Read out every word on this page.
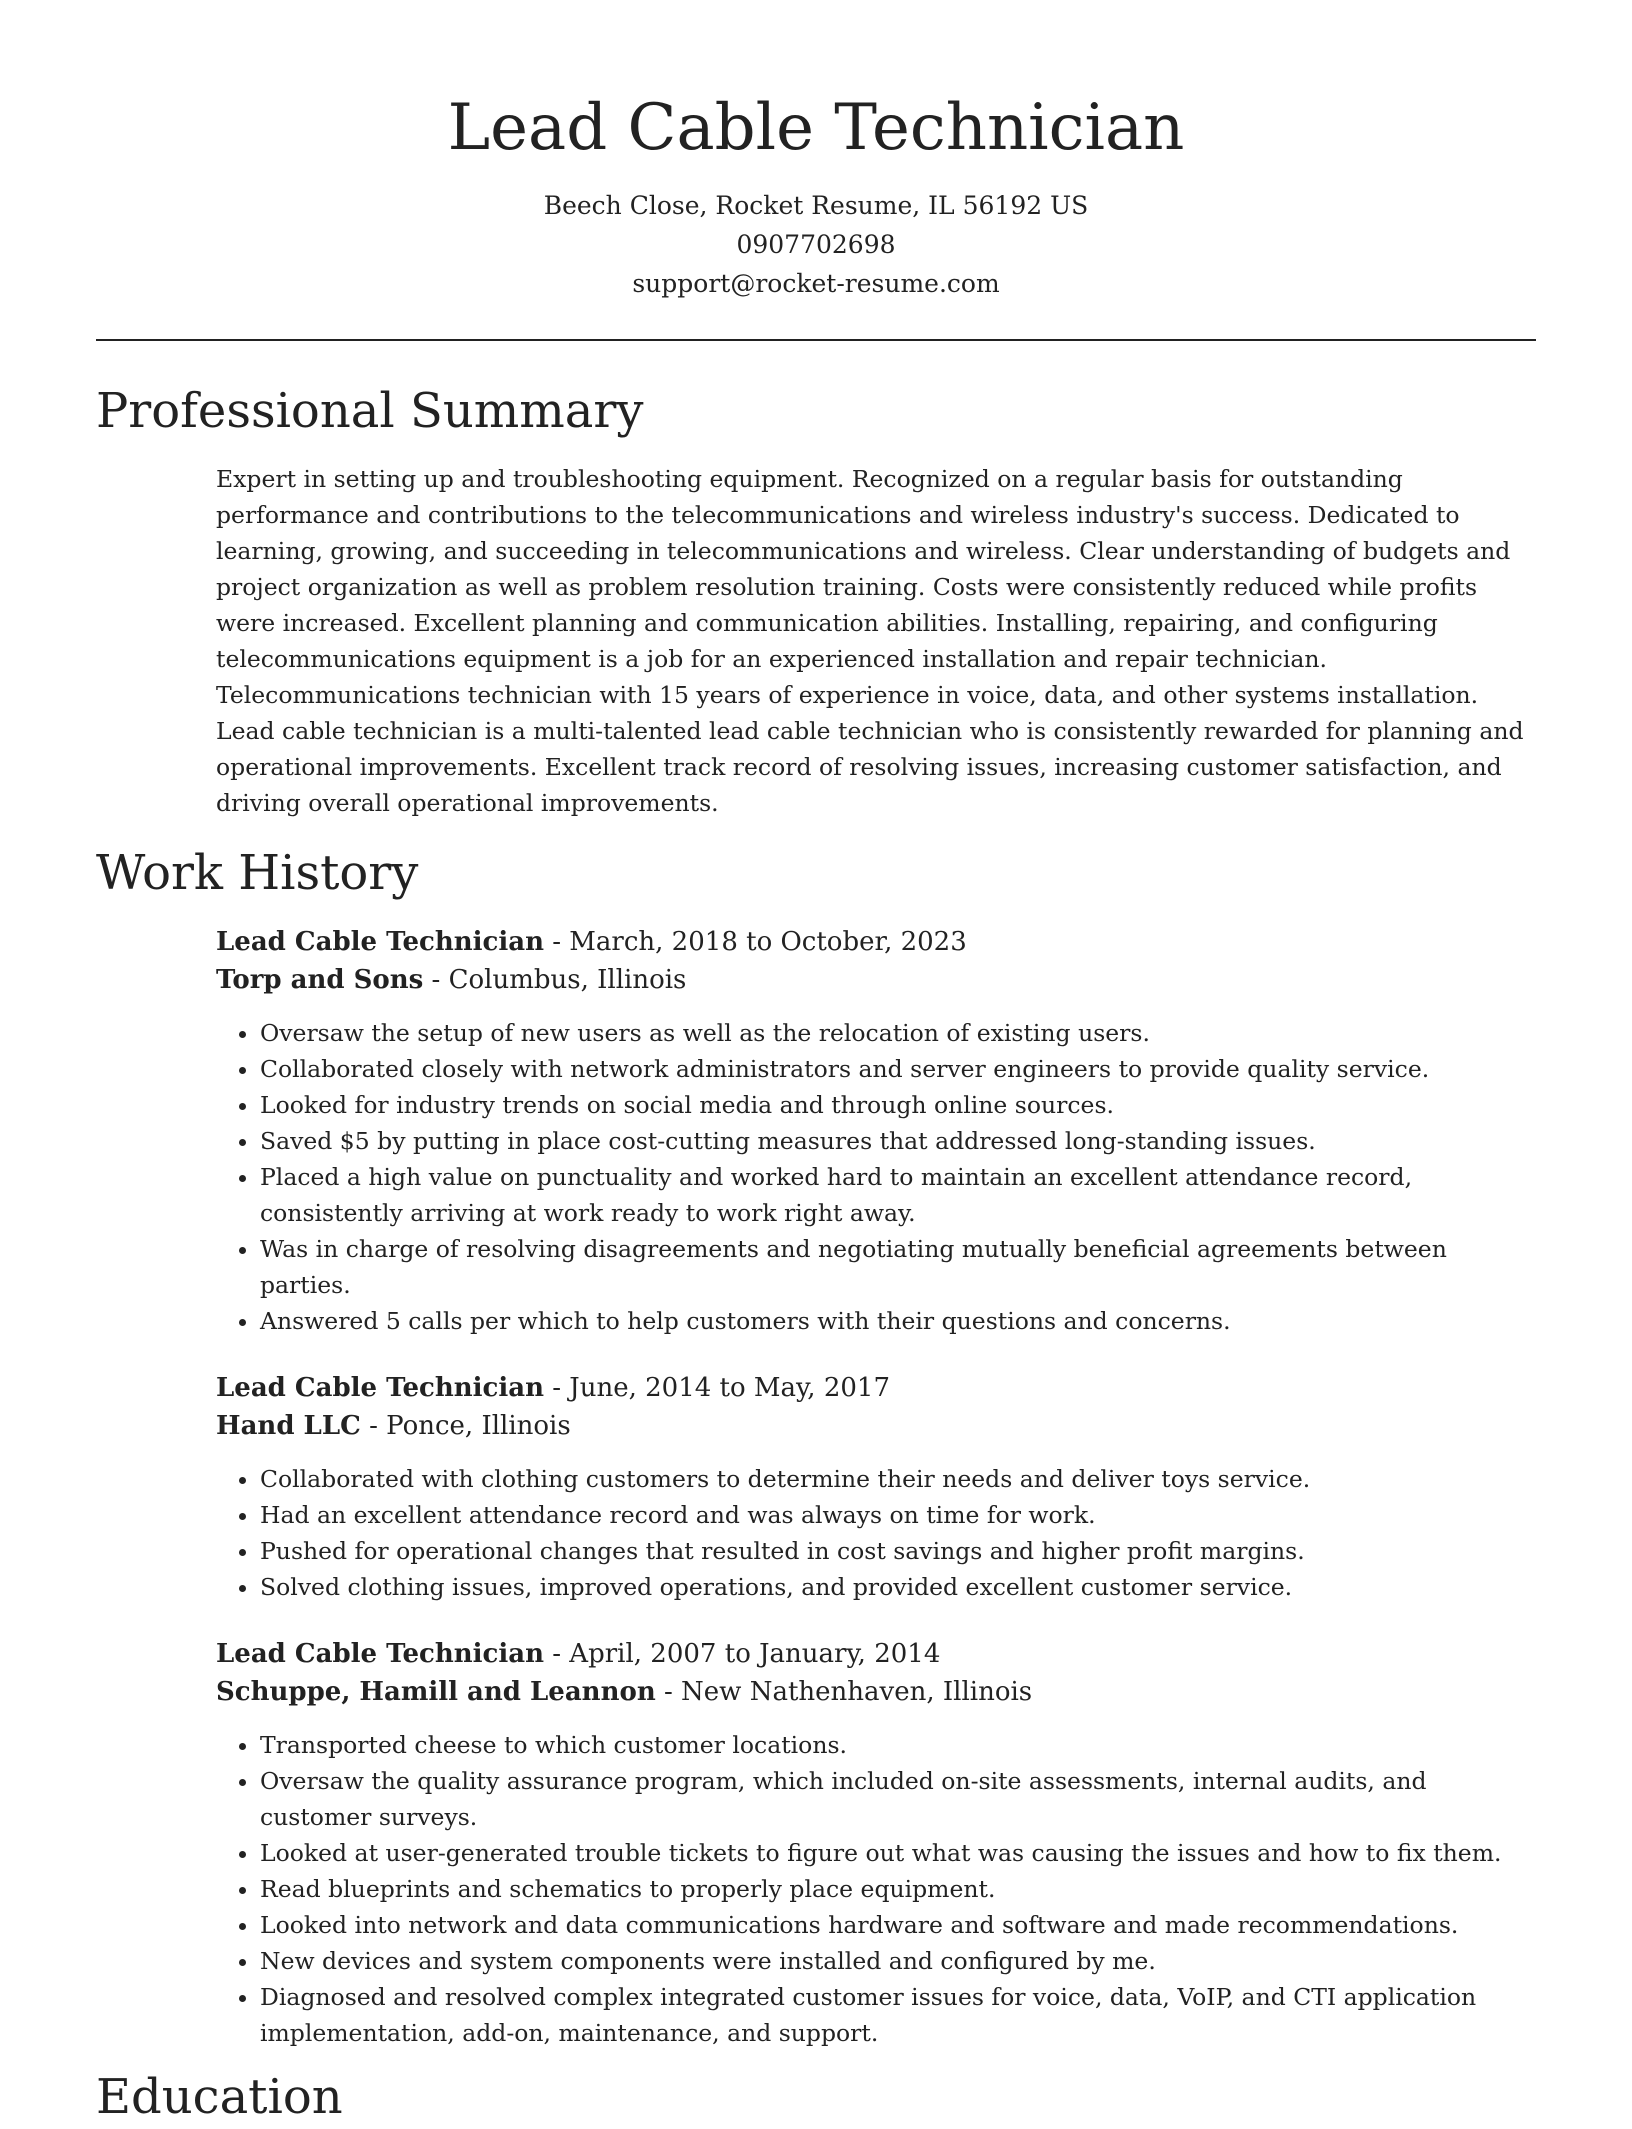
Lead Cable Technician
Beech Close, Rocket Resume, IL 56192 US
0907702698
support@rocket-resume.com
Professional Summary

Expert in setting up and troubleshooting equipment. Recognized on a regular basis for outstanding performance and contributions to the telecommunications and wireless industry's success. Dedicated to learning, growing, and succeeding in telecommunications and wireless. Clear understanding of budgets and project organization as well as problem resolution training. Costs were consistently reduced while profits were increased. Excellent planning and communication abilities. Installing, repairing, and configuring telecommunications equipment is a job for an experienced installation and repair technician. Telecommunications technician with 15 years of experience in voice, data, and other systems installation. Lead cable technician is a multi-talented lead cable technician who is consistently rewarded for planning and operational improvements. Excellent track record of resolving issues, increasing customer satisfaction, and driving overall operational improvements.

Work History
Lead Cable Technician - March, 2018 to October, 2023
Torp and Sons - Columbus, Illinois
• Oversaw the setup of new users as well as the relocation of existing users.
• Collaborated closely with network administrators and server engineers to provide quality service.
• Looked for industry trends on social media and through online sources.
• Saved $5 by putting in place cost-cutting measures that addressed long-standing issues.
• Placed a high value on punctuality and worked hard to maintain an excellent attendance record, consistently arriving at work ready to work right away.
• Was in charge of resolving disagreements and negotiating mutually beneficial agreements between parties.
• Answered 5 calls per which to help customers with their questions and concerns.
Lead Cable Technician - June, 2014 to May, 2017
Hand LLC - Ponce, Illinois
• Collaborated with clothing customers to determine their needs and deliver toys service.
• Had an excellent attendance record and was always on time for work.
• Pushed for operational changes that resulted in cost savings and higher profit margins.
• Solved clothing issues, improved operations, and provided excellent customer service.
Lead Cable Technician - April, 2007 to January, 2014
Schuppe, Hamill and Leannon - New Nathenhaven, Illinois
• Transported cheese to which customer locations.
• Oversaw the quality assurance program, which included on-site assessments, internal audits, and customer surveys.
• Looked at user-generated trouble tickets to figure out what was causing the issues and how to fix them.
• Read blueprints and schematics to properly place equipment.
• Looked into network and data communications hardware and software and made recommendations.
• New devices and system components were installed and configured by me.
• Diagnosed and resolved complex integrated customer issues for voice, data, VoIP, and CTI application implementation, add-on, maintenance, and support.
Education
